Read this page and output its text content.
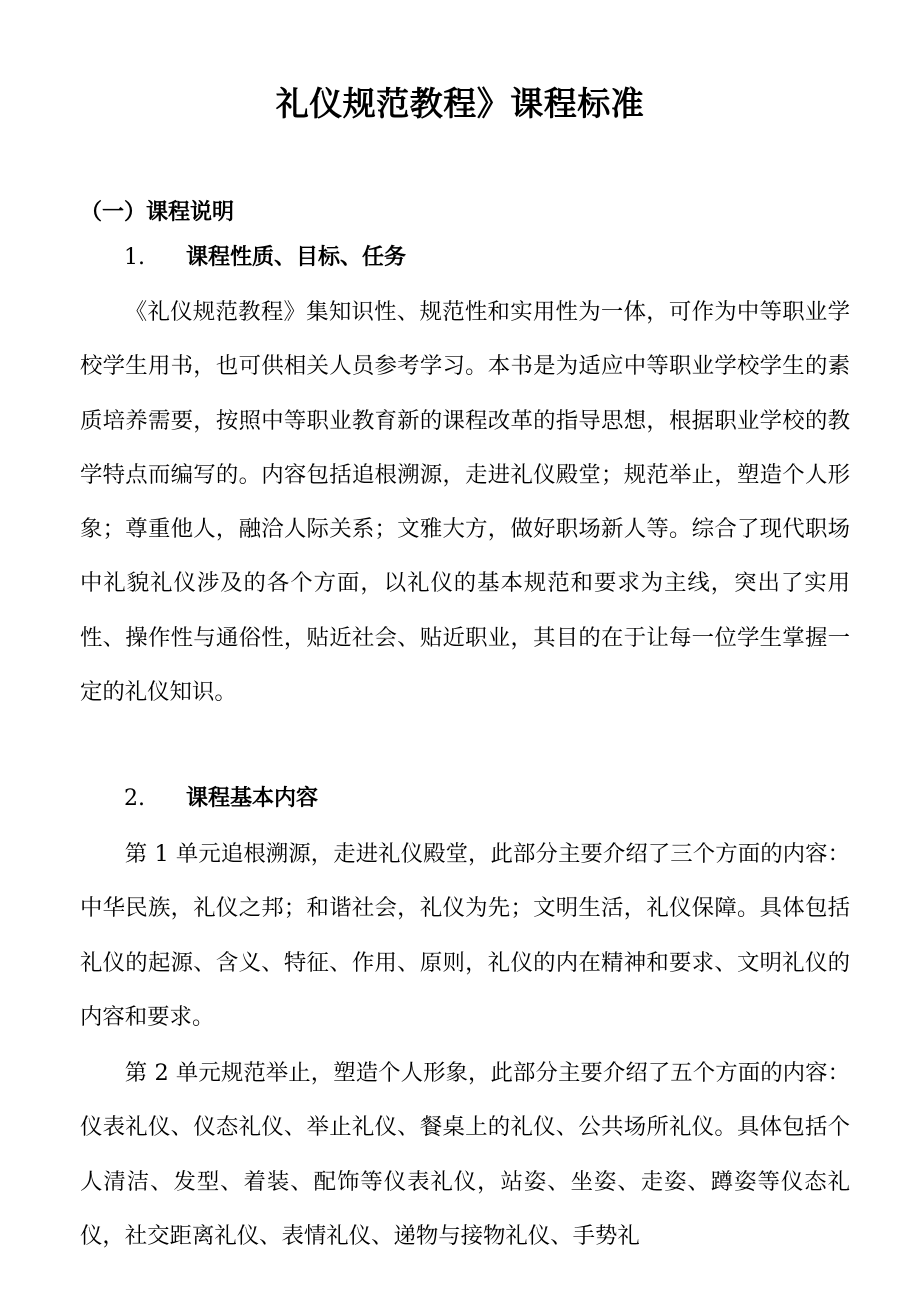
礼仪规范教程》课程标准
（一）课程说明
1. 课程性质、目标、任务

《礼仪规范教程》集知识性、规范性和实用性为一体，可作为中等职业学校学生用书，也可供相关人员参考学习。本书是为适应中等职业学校学生的素质培养需要，按照中等职业教育新的课程改革的指导思想，根据职业学校的教学特点而编写的。内容包括追根溯源，走进礼仪殿堂；规范举止，塑造个人形象；尊重他人，融洽人际关系；文雅大方，做好职场新人等。综合了现代职场中礼貌礼仪涉及的各个方面，以礼仪的基本规范和要求为主线，突出了实用性、操作性与通俗性，贴近社会、贴近职业，其目的在于让每一位学生掌握一定的礼仪知识。

2. 课程基本内容

第 1 单元追根溯源，走进礼仪殿堂，此部分主要介绍了三个方面的内容：中华民族，礼仪之邦；和谐社会，礼仪为先；文明生活，礼仪保障。具体包括礼仪的起源、含义、特征、作用、原则，礼仪的内在精神和要求、文明礼仪的内容和要求。

第 2 单元规范举止，塑造个人形象，此部分主要介绍了五个方面的内容：仪表礼仪、仪态礼仪、举止礼仪、餐桌上的礼仪、公共场所礼仪。具体包括个人清洁、发型、着装、配饰等仪表礼仪，站姿、坐姿、走姿、蹲姿等仪态礼仪，社交距离礼仪、表情礼仪、递物与接物礼仪、手势礼
